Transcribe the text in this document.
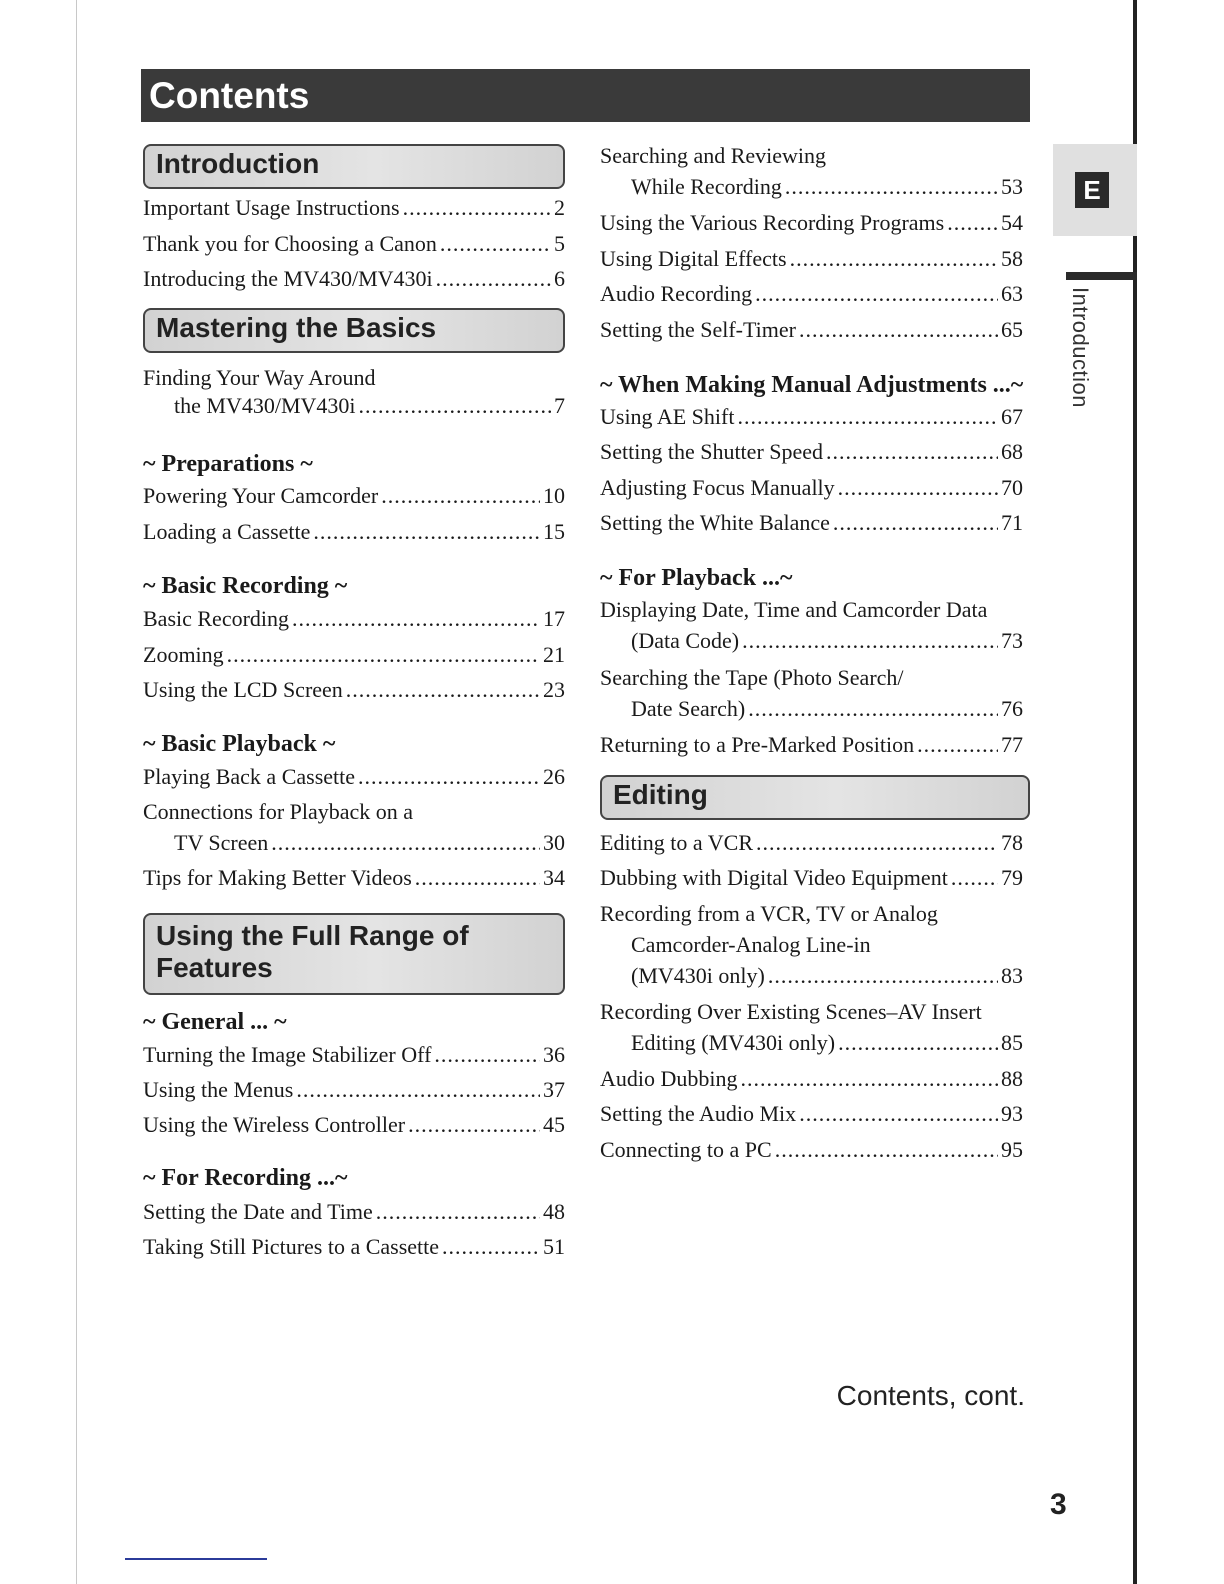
Contents
Introduction
Important Usage Instructions .....	2
Thank you for Choosing a Canon .....	5
Introducing the MV430/MV430i .....	6
Mastering the Basics
Finding Your Way Around
the MV430/MV430i .....	7
~ Preparations ~
Powering Your Camcorder .....	10
Loading a Cassette .....	15
~ Basic Recording ~
Basic Recording .....	17
Zooming .....	21
Using the LCD Screen .....	23
~ Basic Playback ~
Playing Back a Cassette .....	26
Connections for Playback on a
TV Screen .....	30
Tips for Making Better Videos .....	34
Using the Full Range of Features
~ General ... ~
Turning the Image Stabilizer Off .....	36
Using the Menus .....	37
Using the Wireless Controller .....	45
~ For Recording ...~
Setting the Date and Time .....	48
Taking Still Pictures to a Cassette .....	51
Searching and Reviewing
While Recording .....	53
Using the Various Recording Programs .....	54
Using Digital Effects .....	58
Audio Recording .....	63
Setting the Self-Timer .....	65
~ When Making Manual Adjustments ...~
Using AE Shift .....	67
Setting the Shutter Speed .....	68
Adjusting Focus Manually .....	70
Setting the White Balance .....	71
~ For Playback ...~
Displaying Date, Time and Camcorder Data
(Data Code) .....	73
Searching the Tape (Photo Search/
Date Search) .....	76
Returning to a Pre-Marked Position .....	77
Editing
Editing to a VCR .....	78
Dubbing with Digital Video Equipment ..... 79
Recording from a VCR, TV or Analog
Camcorder-Analog Line-in
(MV430i only) .....	83
Recording Over Existing Scenes–AV Insert
Editing (MV430i only) .....	85
Audio Dubbing .....	88
Setting the Audio Mix .....	93
Connecting to a PC .....	95
E
Introduction
Contents, cont.
3
